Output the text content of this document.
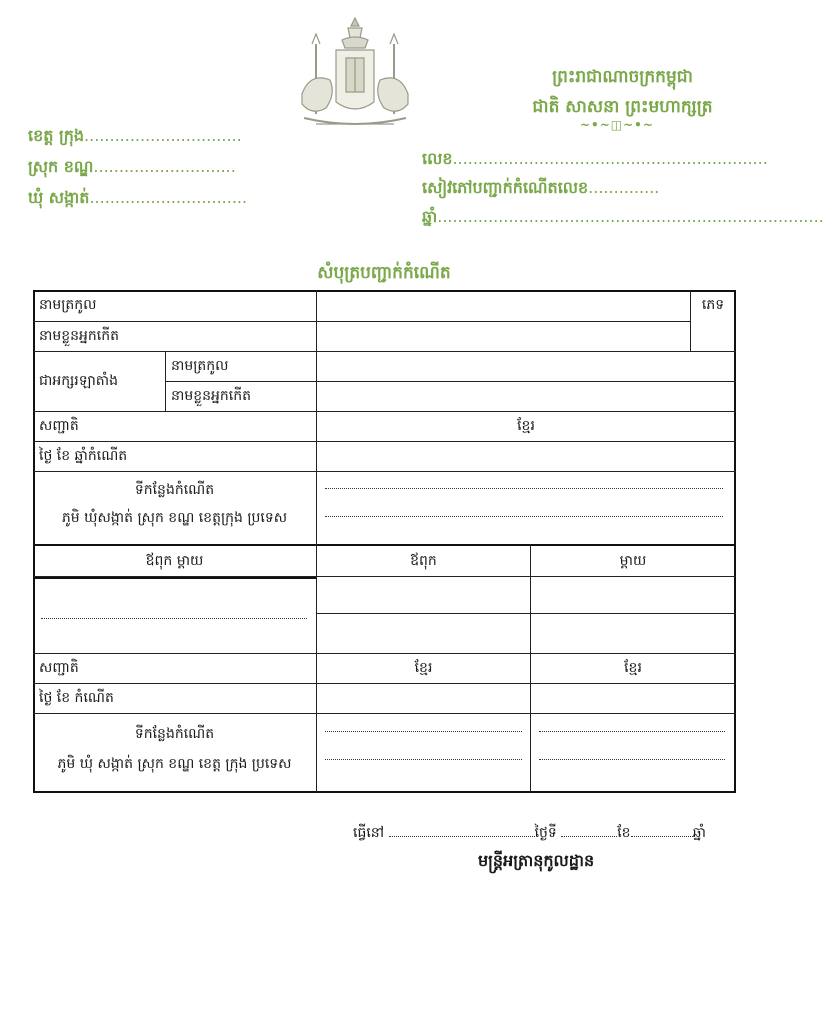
ព្រះរាជាណាចក្រកម្ពុជា
ជាតិ សាសនា ព្រះមហាក្សត្រ
~•~◫~•~
ខេត្ត ក្រុង...............................
ស្រុក ខណ្ឌ............................
ឃុំ សង្កាត់...............................
លេខ..............................................................
សៀវភៅបញ្ជាក់កំណើតលេខ..............
ឆ្នាំ............................................................................
សំបុត្របញ្ជាក់កំណើត
នាមត្រកូល	ភេទ
នាមខ្លួនអ្នកកើត
ជាអក្សរឡាតាំង
នាមត្រកូល
នាមខ្លួនអ្នកកើត
សញ្ជាតិ	ខ្មែរ
ថ្ងៃ ខែ ឆ្នាំកំណើត
ទីកន្លែងកំណើត
ភូមិ ឃុំសង្កាត់ ស្រុក ខណ្ឌ ខេត្តក្រុង ប្រទេស
ឪពុក ម្តាយ	ឪពុក	ម្តាយ
សញ្ជាតិ	ខ្មែរ	ខ្មែរ
ថ្ងៃ ខែ កំណើត
ទីកន្លែងកំណើត
ភូមិ ឃុំ សង្កាត់ ស្រុក ខណ្ឌ ខេត្ត ក្រុង ប្រទេស
ធ្វើនៅ	ថ្ងៃទី	ខែ	ឆ្នាំ
មន្ត្រីអត្រានុកូលដ្ឋាន
